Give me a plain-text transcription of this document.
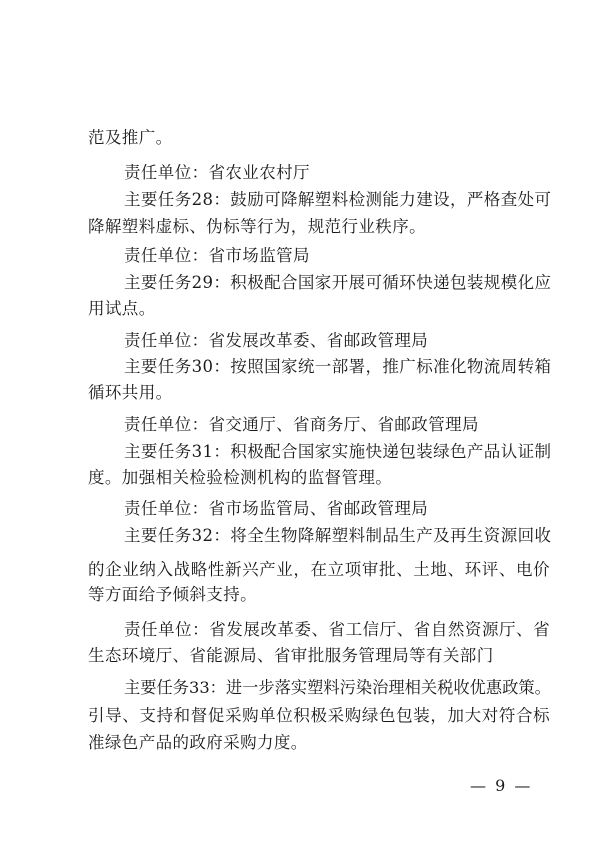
范及推广。
责任单位：省农业农村厅
主要任务28：鼓励可降解塑料检测能力建设，严格查处可
降解塑料虚标、伪标等行为，规范行业秩序。
责任单位：省市场监管局
主要任务29：积极配合国家开展可循环快递包装规模化应
用试点。
责任单位：省发展改革委、省邮政管理局
主要任务30：按照国家统一部署，推广标准化物流周转箱
循环共用。
责任单位：省交通厅、省商务厅、省邮政管理局
主要任务31：积极配合国家实施快递包装绿色产品认证制
度。加强相关检验检测机构的监督管理。
责任单位：省市场监管局、省邮政管理局
主要任务32：将全生物降解塑料制品生产及再生资源回收
的企业纳入战略性新兴产业，在立项审批、土地、环评、电价
等方面给予倾斜支持。
责任单位：省发展改革委、省工信厅、省自然资源厅、省
生态环境厅、省能源局、省审批服务管理局等有关部门
主要任务33：进一步落实塑料污染治理相关税收优惠政策。
引导、支持和督促采购单位积极采购绿色包装，加大对符合标
准绿色产品的政府采购力度。
— 9 —
